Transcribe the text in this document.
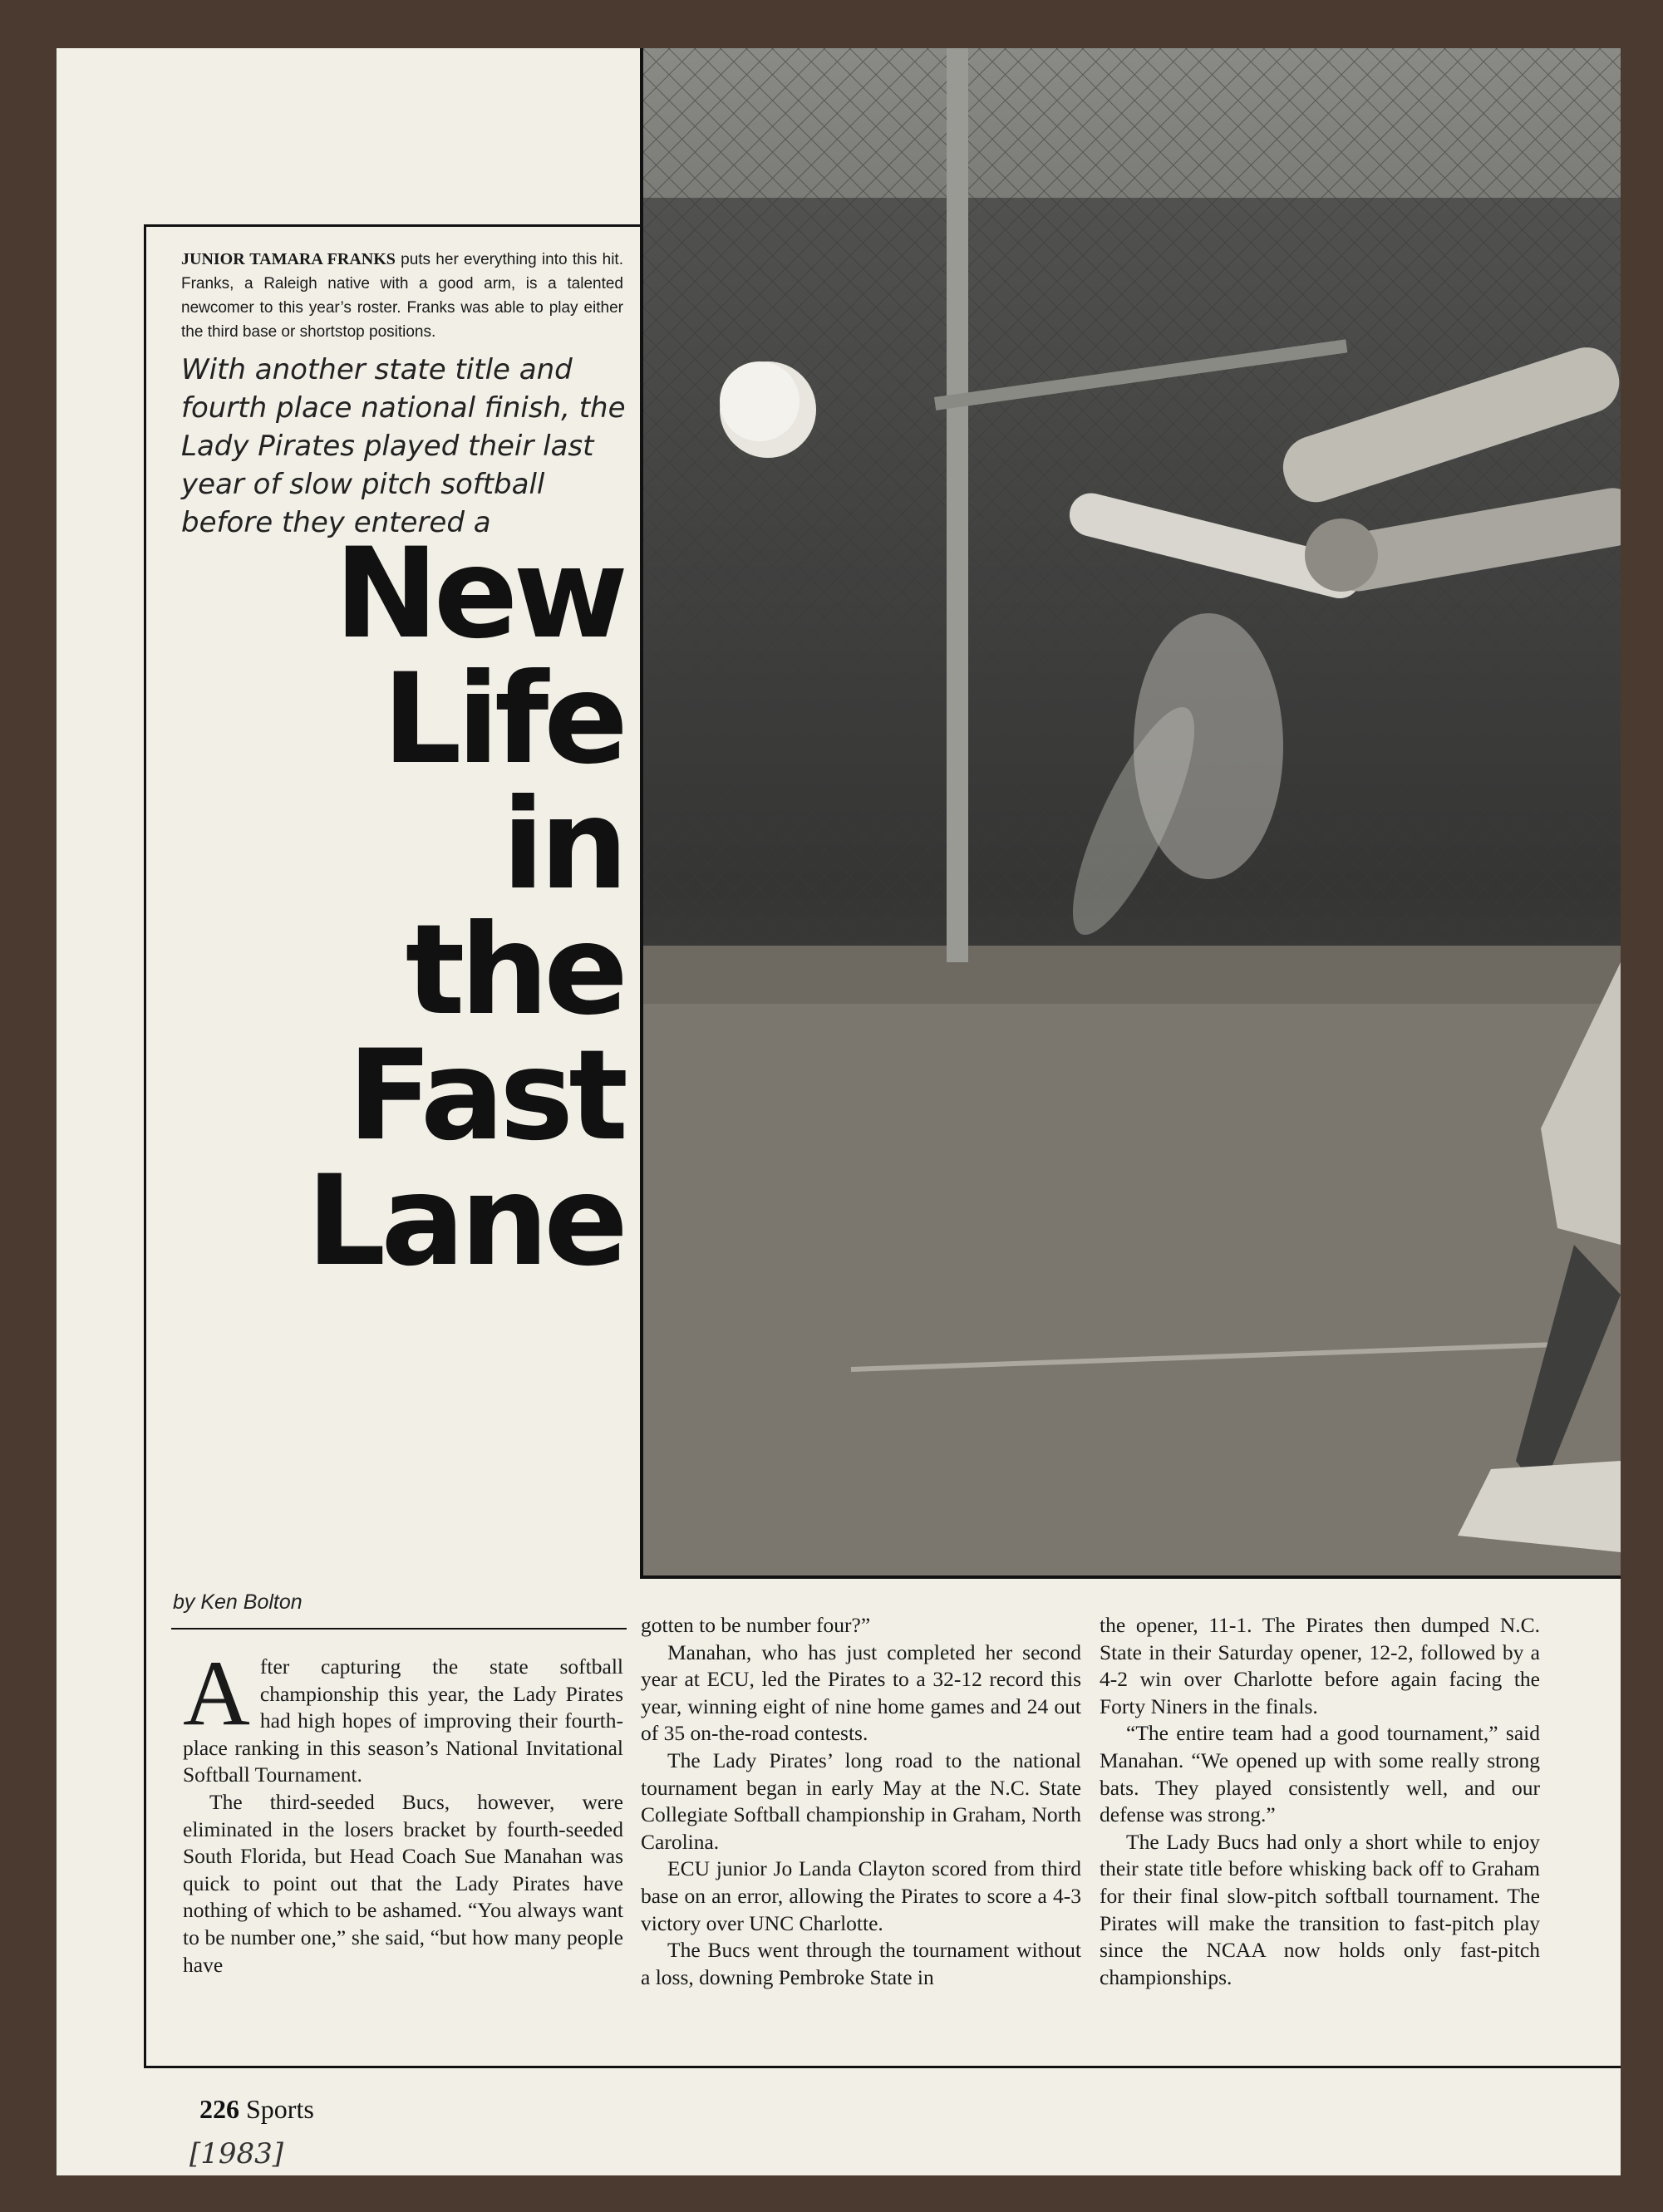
JUNIOR TAMARA FRANKS puts her everything into this hit. Franks, a Raleigh native with a good arm, is a talented newcomer to this year’s roster. Franks was able to play either the third base or shortstop positions.
With another state title and fourth place national finish, the Lady Pirates played their last year of slow pitch softball before they entered a
New
Life
in
the
Fast
Lane
by Ken Bolton

After capturing the state softball championship this year, the Lady Pirates had high hopes of improving their fourth-place ranking in this season’s National Invitational Softball Tournament.

The third-seeded Bucs, however, were eliminated in the losers bracket by fourth-seeded South Florida, but Head Coach Sue Manahan was quick to point out that the Lady Pirates have nothing of which to be ashamed. “You always want to be number one,” she said, “but how many people have

gotten to be number four?”

Manahan, who has just completed her second year at ECU, led the Pirates to a 32-12 record this year, winning eight of nine home games and 24 out of 35 on-the-road contests.

The Lady Pirates’ long road to the national tournament began in early May at the N.C. State Collegiate Softball championship in Graham, North Carolina.

ECU junior Jo Landa Clayton scored from third base on an error, allowing the Pirates to score a 4-3 victory over UNC Charlotte.

The Bucs went through the tournament without a loss, downing Pembroke State in

the opener, 11-1. The Pirates then dumped N.C. State in their Saturday opener, 12-2, followed by a 4-2 win over Charlotte before again facing the Forty Niners in the finals.

“The entire team had a good tournament,” said Manahan. “We opened up with some really strong bats. They played consistently well, and our defense was strong.”

The Lady Bucs had only a short while to enjoy their state title before whisking back off to Graham for their final slow-pitch softball tournament. The Pirates will make the transition to fast-pitch play since the NCAA now holds only fast-pitch championships.

226 Sports
[1983]
